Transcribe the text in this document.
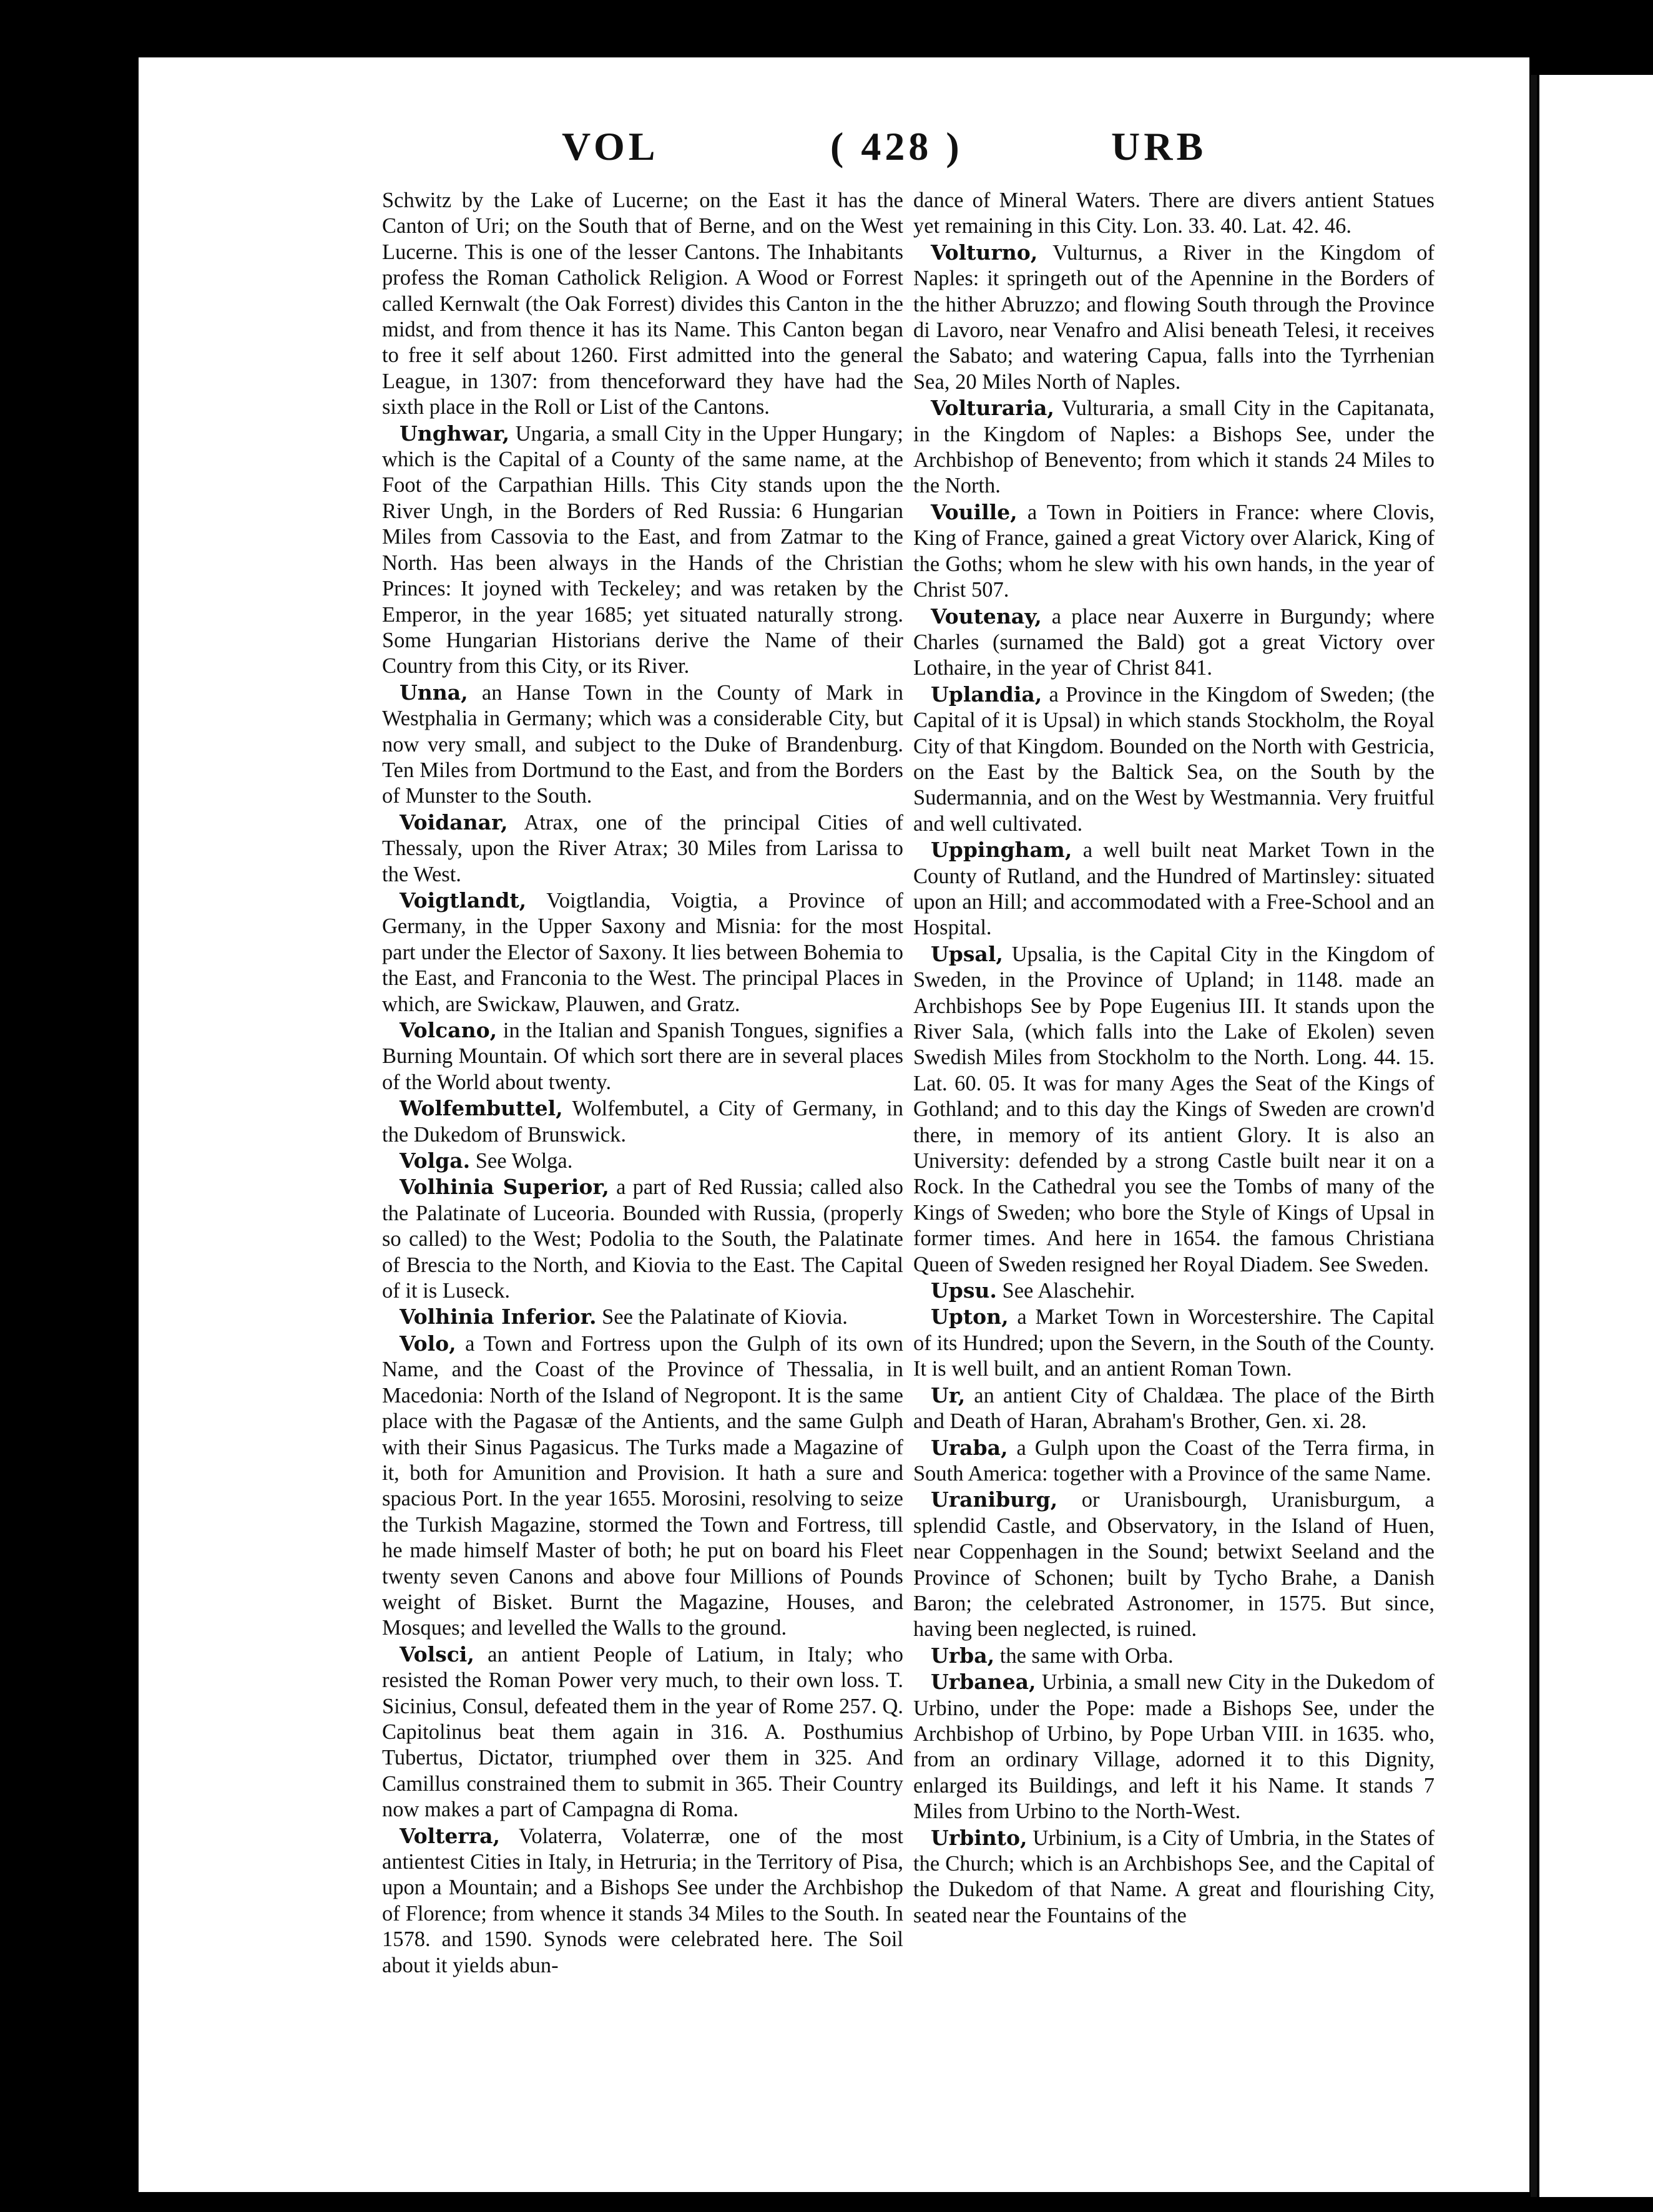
VOL	( 428 )	URB

Schwitz by the Lake of Lucerne; on the East it has the Canton of Uri; on the South that of Berne, and on the West Lucerne. This is one of the lesser Cantons. The Inhabitants profess the Roman Catholick Religion. A Wood or Forrest called Kernwalt (the Oak Forrest) divides this Canton in the midst, and from thence it has its Name. This Canton began to free it self about 1260. First admitted into the general League, in 1307: from thenceforward they have had the sixth place in the Roll or List of the Cantons.

Unghwar, Ungaria, a small City in the Upper Hungary; which is the Capital of a County of the same name, at the Foot of the Carpathian Hills. This City stands upon the River Ungh, in the Borders of Red Russia: 6 Hungarian Miles from Cassovia to the East, and from Zatmar to the North. Has been always in the Hands of the Christian Princes: It joyned with Teckeley; and was retaken by the Emperor, in the year 1685; yet situated naturally strong. Some Hungarian Historians derive the Name of their Country from this City, or its River.

Unna, an Hanse Town in the County of Mark in Westphalia in Germany; which was a considerable City, but now very small, and subject to the Duke of Brandenburg. Ten Miles from Dortmund to the East, and from the Borders of Munster to the South.

Voidanar, Atrax, one of the principal Cities of Thessaly, upon the River Atrax; 30 Miles from Larissa to the West.

Voigtlandt, Voigtlandia, Voigtia, a Province of Germany, in the Upper Saxony and Misnia: for the most part under the Elector of Saxony. It lies between Bohemia to the East, and Franconia to the West. The principal Places in which, are Swickaw, Plauwen, and Gratz.

Volcano, in the Italian and Spanish Tongues, signifies a Burning Mountain. Of which sort there are in several places of the World about twenty.

Wolfembuttel, Wolfembutel, a City of Germany, in the Dukedom of Brunswick.

Volga. See Wolga.

Volhinia Superior, a part of Red Russia; called also the Palatinate of Luceoria. Bounded with Russia, (properly so called) to the West; Podolia to the South, the Palatinate of Brescia to the North, and Kiovia to the East. The Capital of it is Luseck.

Volhinia Inferior. See the Palatinate of Kiovia.

Volo, a Town and Fortress upon the Gulph of its own Name, and the Coast of the Province of Thessalia, in Macedonia: North of the Island of Negropont. It is the same place with the Pagasæ of the Antients, and the same Gulph with their Sinus Pagasicus. The Turks made a Magazine of it, both for Amunition and Provision. It hath a sure and spacious Port. In the year 1655. Morosini, resolving to seize the Turkish Magazine, stormed the Town and Fortress, till he made himself Master of both; he put on board his Fleet twenty seven Canons and above four Millions of Pounds weight of Bisket. Burnt the Magazine, Houses, and Mosques; and levelled the Walls to the ground.

Volsci, an antient People of Latium, in Italy; who resisted the Roman Power very much, to their own loss. T. Sicinius, Consul, defeated them in the year of Rome 257. Q. Capitolinus beat them again in 316. A. Posthumius Tubertus, Dictator, triumphed over them in 325. And Camillus constrained them to submit in 365. Their Country now makes a part of Campagna di Roma.

Volterra, Volaterra, Volaterræ, one of the most antientest Cities in Italy, in Hetruria; in the Territory of Pisa, upon a Mountain; and a Bishops See under the Archbishop of Florence; from whence it stands 34 Miles to the South. In 1578. and 1590. Synods were celebrated here. The Soil about it yields abun-

dance of Mineral Waters. There are divers antient Statues yet remaining in this City. Lon. 33. 40. Lat. 42. 46.

Volturno, Vulturnus, a River in the Kingdom of Naples: it springeth out of the Apennine in the Borders of the hither Abruzzo; and flowing South through the Province di Lavoro, near Venafro and Alisi beneath Telesi, it receives the Sabato; and watering Capua, falls into the Tyrrhenian Sea, 20 Miles North of Naples.

Volturaria, Vulturaria, a small City in the Capitanata, in the Kingdom of Naples: a Bishops See, under the Archbishop of Benevento; from which it stands 24 Miles to the North.

Vouille, a Town in Poitiers in France: where Clovis, King of France, gained a great Victory over Alarick, King of the Goths; whom he slew with his own hands, in the year of Christ 507.

Voutenay, a place near Auxerre in Burgundy; where Charles (surnamed the Bald) got a great Victory over Lothaire, in the year of Christ 841.

Uplandia, a Province in the Kingdom of Sweden; (the Capital of it is Upsal) in which stands Stockholm, the Royal City of that Kingdom. Bounded on the North with Gestricia, on the East by the Baltick Sea, on the South by the Sudermannia, and on the West by Westmannia. Very fruitful and well cultivated.

Uppingham, a well built neat Market Town in the County of Rutland, and the Hundred of Martinsley: situated upon an Hill; and accommodated with a Free-School and an Hospital.

Upsal, Upsalia, is the Capital City in the Kingdom of Sweden, in the Province of Upland; in 1148. made an Archbishops See by Pope Eugenius III. It stands upon the River Sala, (which falls into the Lake of Ekolen) seven Swedish Miles from Stockholm to the North. Long. 44. 15. Lat. 60. 05. It was for many Ages the Seat of the Kings of Gothland; and to this day the Kings of Sweden are crown'd there, in memory of its antient Glory. It is also an University: defended by a strong Castle built near it on a Rock. In the Cathedral you see the Tombs of many of the Kings of Sweden; who bore the Style of Kings of Upsal in former times. And here in 1654. the famous Christiana Queen of Sweden resigned her Royal Diadem. See Sweden.

Upsu. See Alaschehir.

Upton, a Market Town in Worcestershire. The Capital of its Hundred; upon the Severn, in the South of the County. It is well built, and an antient Roman Town.

Ur, an antient City of Chaldæa. The place of the Birth and Death of Haran, Abraham's Brother, Gen. xi. 28.

Uraba, a Gulph upon the Coast of the Terra firma, in South America: together with a Province of the same Name.

Uraniburg, or Uranisbourgh, Uranisburgum, a splendid Castle, and Observatory, in the Island of Huen, near Coppenhagen in the Sound; betwixt Seeland and the Province of Schonen; built by Tycho Brahe, a Danish Baron; the celebrated Astronomer, in 1575. But since, having been neglected, is ruined.

Urba, the same with Orba.

Urbanea, Urbinia, a small new City in the Dukedom of Urbino, under the Pope: made a Bishops See, under the Archbishop of Urbino, by Pope Urban VIII. in 1635. who, from an ordinary Village, adorned it to this Dignity, enlarged its Buildings, and left it his Name. It stands 7 Miles from Urbino to the North-West.

Urbinto, Urbinium, is a City of Umbria, in the States of the Church; which is an Archbishops See, and the Capital of the Dukedom of that Name. A great and flourishing City, seated near the Fountains of the
